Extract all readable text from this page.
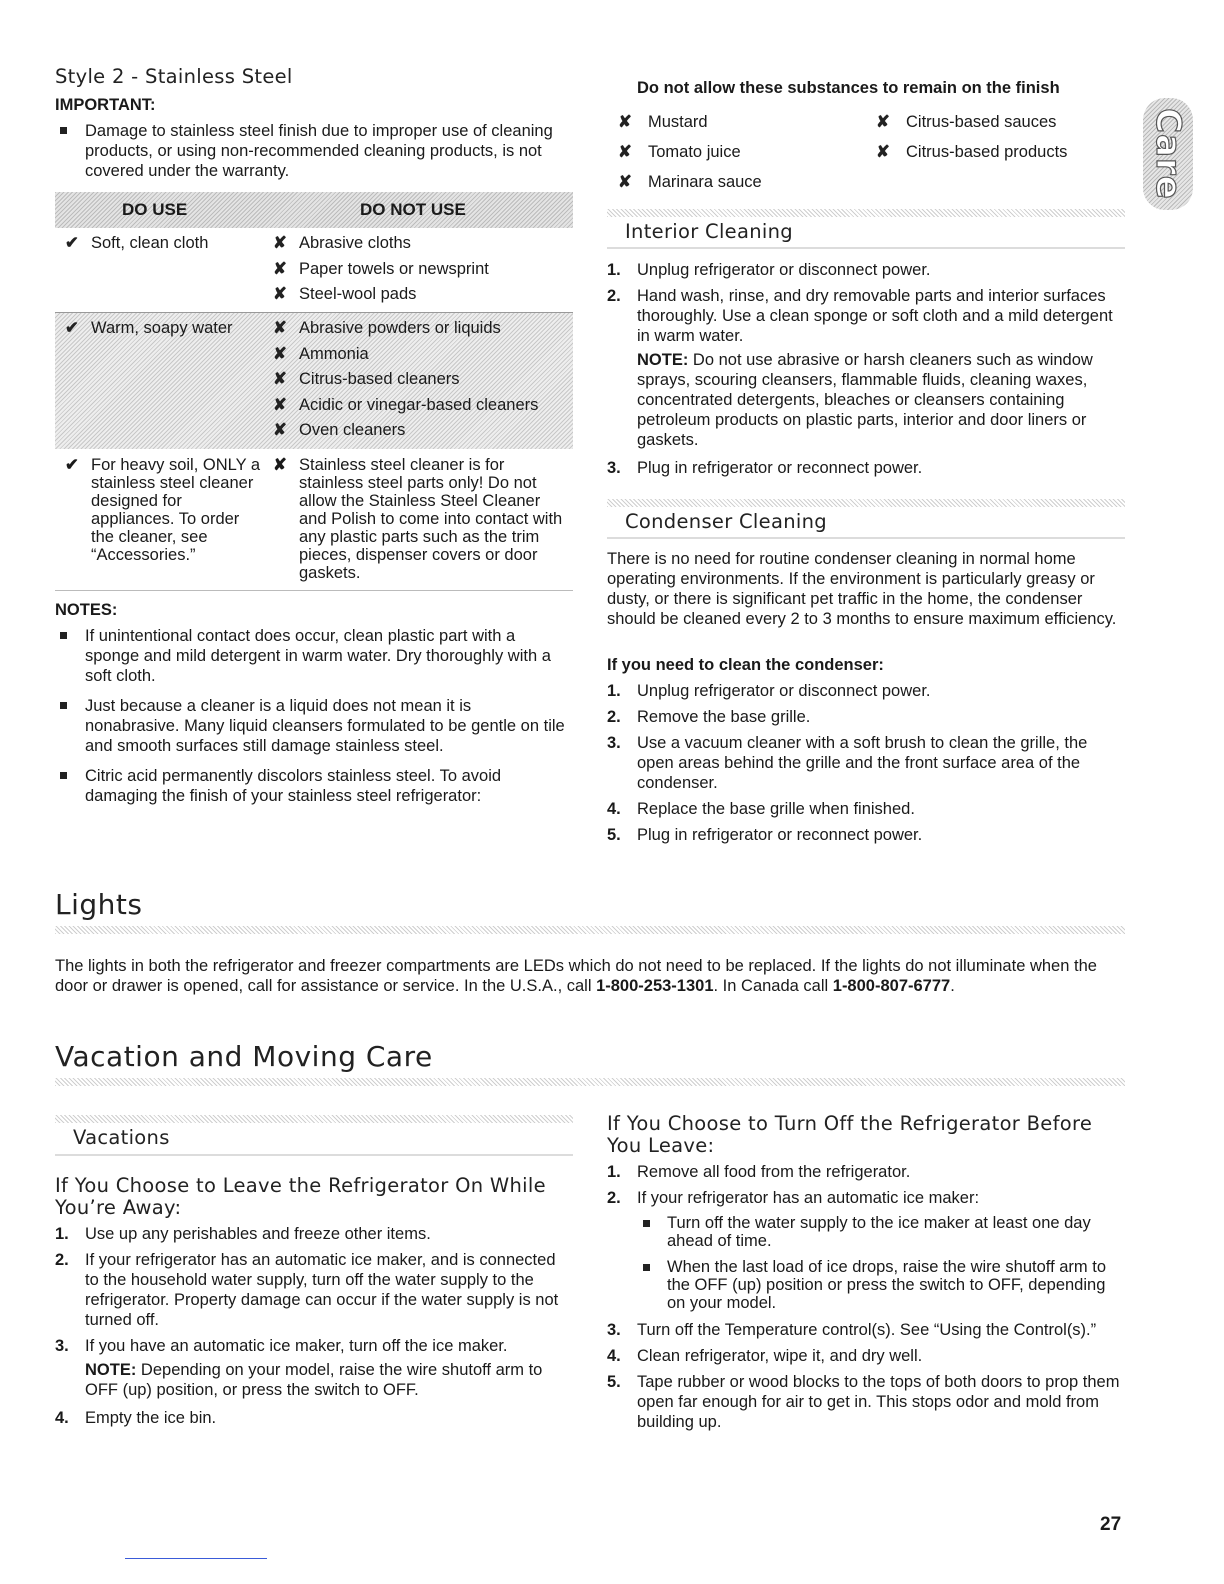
Style 2 - Stainless Steel
IMPORTANT:
Damage to stainless steel finish due to improper use of cleaning products, or using non-recommended cleaning products, is not covered under the warranty.
DO USE	DO NOT USE
✔ Soft, clean cloth	✘ Abrasive cloths
✘ Paper towels or newsprint
✘ Steel-wool pads
✔ Warm, soapy water	✘ Abrasive powders or liquids
✘ Ammonia
✘ Citrus-based cleaners
✘ Acidic or vinegar-based cleaners
✘ Oven cleaners
✔ For heavy soil, ONLY a stainless steel cleaner designed for appliances. To order the cleaner, see “Accessories.”
✘ Stainless steel cleaner is for stainless steel parts only! Do not allow the Stainless Steel Cleaner and Polish to come into contact with any plastic parts such as the trim pieces, dispenser covers or door gaskets.
NOTES:
If unintentional contact does occur, clean plastic part with a sponge and mild detergent in warm water. Dry thoroughly with a soft cloth.
Just because a cleaner is a liquid does not mean it is nonabrasive. Many liquid cleansers formulated to be gentle on tile and smooth surfaces still damage stainless steel.
Citric acid permanently discolors stainless steel. To avoid damaging the finish of your stainless steel refrigerator:
Do not allow these substances to remain on the finish
✘ Mustard
✘ Tomato juice
✘ Marinara sauce
✘ Citrus-based sauces
✘ Citrus-based products
Interior Cleaning
1. Unplug refrigerator or disconnect power.
2. Hand wash, rinse, and dry removable parts and interior surfaces thoroughly. Use a clean sponge or soft cloth and a mild detergent in warm water.
NOTE: Do not use abrasive or harsh cleaners such as window sprays, scouring cleansers, flammable fluids, cleaning waxes, concentrated detergents, bleaches or cleansers containing petroleum products on plastic parts, interior and door liners or gaskets.
3. Plug in refrigerator or reconnect power.
Condenser Cleaning
There is no need for routine condenser cleaning in normal home operating environments. If the environment is particularly greasy or dusty, or there is significant pet traffic in the home, the condenser should be cleaned every 2 to 3 months to ensure maximum efficiency.
If you need to clean the condenser:
1. Unplug refrigerator or disconnect power.
2. Remove the base grille.
3. Use a vacuum cleaner with a soft brush to clean the grille, the open areas behind the grille and the front surface area of the condenser.
4. Replace the base grille when finished.
5. Plug in refrigerator or reconnect power.
Care
Lights
The lights in both the refrigerator and freezer compartments are LEDs which do not need to be replaced. If the lights do not illuminate when the door or drawer is opened, call for assistance or service. In the U.S.A., call 1-800-253-1301. In Canada call 1-800-807-6777.
Vacation and Moving Care
Vacations
If You Choose to Leave the Refrigerator On While You’re Away:
1. Use up any perishables and freeze other items.
2. If your refrigerator has an automatic ice maker, and is connected to the household water supply, turn off the water supply to the refrigerator. Property damage can occur if the water supply is not turned off.
3. If you have an automatic ice maker, turn off the ice maker.
NOTE: Depending on your model, raise the wire shutoff arm to OFF (up) position, or press the switch to OFF.
4. Empty the ice bin.
If You Choose to Turn Off the Refrigerator Before You Leave:
1. Remove all food from the refrigerator.
2. If your refrigerator has an automatic ice maker:
Turn off the water supply to the ice maker at least one day ahead of time.
When the last load of ice drops, raise the wire shutoff arm to the OFF (up) position or press the switch to OFF, depending on your model.
3. Turn off the Temperature control(s). See “Using the Control(s).”
4. Clean refrigerator, wipe it, and dry well.
5. Tape rubber or wood blocks to the tops of both doors to prop them open far enough for air to get in. This stops odor and mold from building up.
27
